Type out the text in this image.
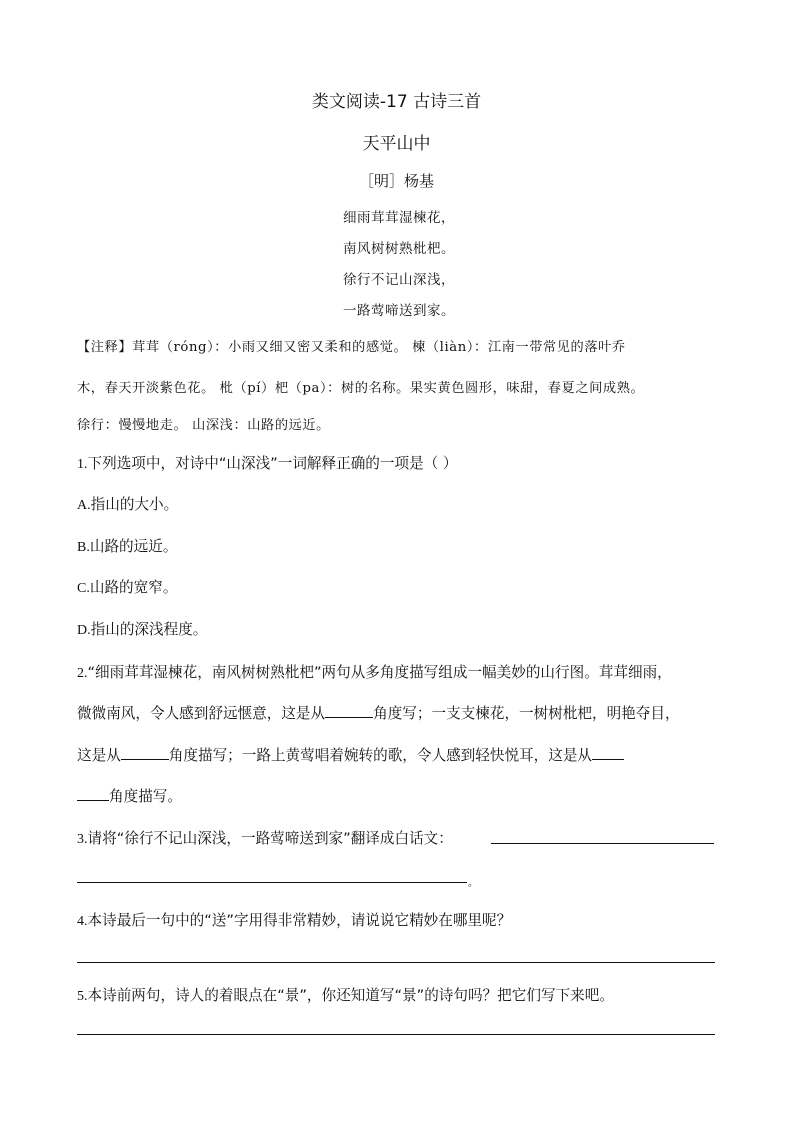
类文阅读-17 古诗三首
天平山中
［明］杨基
细雨茸茸湿楝花，
南风树树熟枇杷。
徐行不记山深浅，
一路莺啼送到家。
【注释】茸茸（róng）：小雨又细又密又柔和的感觉。 楝（liàn）：江南一带常见的落叶乔
木，春天开淡紫色花。 枇（pí）杷（pa）：树的名称。果实黄色圆形，味甜，春夏之间成熟。
徐行：慢慢地走。 山深浅：山路的远近。
1.下列选项中，对诗中“山深浅”一词解释正确的一项是（ ）
A.指山的大小。
B.山路的远近。
C.山路的宽窄。
D.指山的深浅程度。
2.“细雨茸茸湿楝花，南风树树熟枇杷”两句从多角度描写组成一幅美妙的山行图。茸茸细雨，
微微南风，令人感到舒远惬意，这是从	角度写；一支支楝花，一树树枇杷，明艳夺目，
这是从	角度描写；一路上黄莺唱着婉转的歌，令人感到轻快悦耳，这是从
角度描写。
3.请将“徐行不记山深浅，一路莺啼送到家”翻译成白话文：
。
4.本诗最后一句中的“送”字用得非常精妙，请说说它精妙在哪里呢？
5.本诗前两句，诗人的着眼点在“景”，你还知道写“景”的诗句吗？把它们写下来吧。
